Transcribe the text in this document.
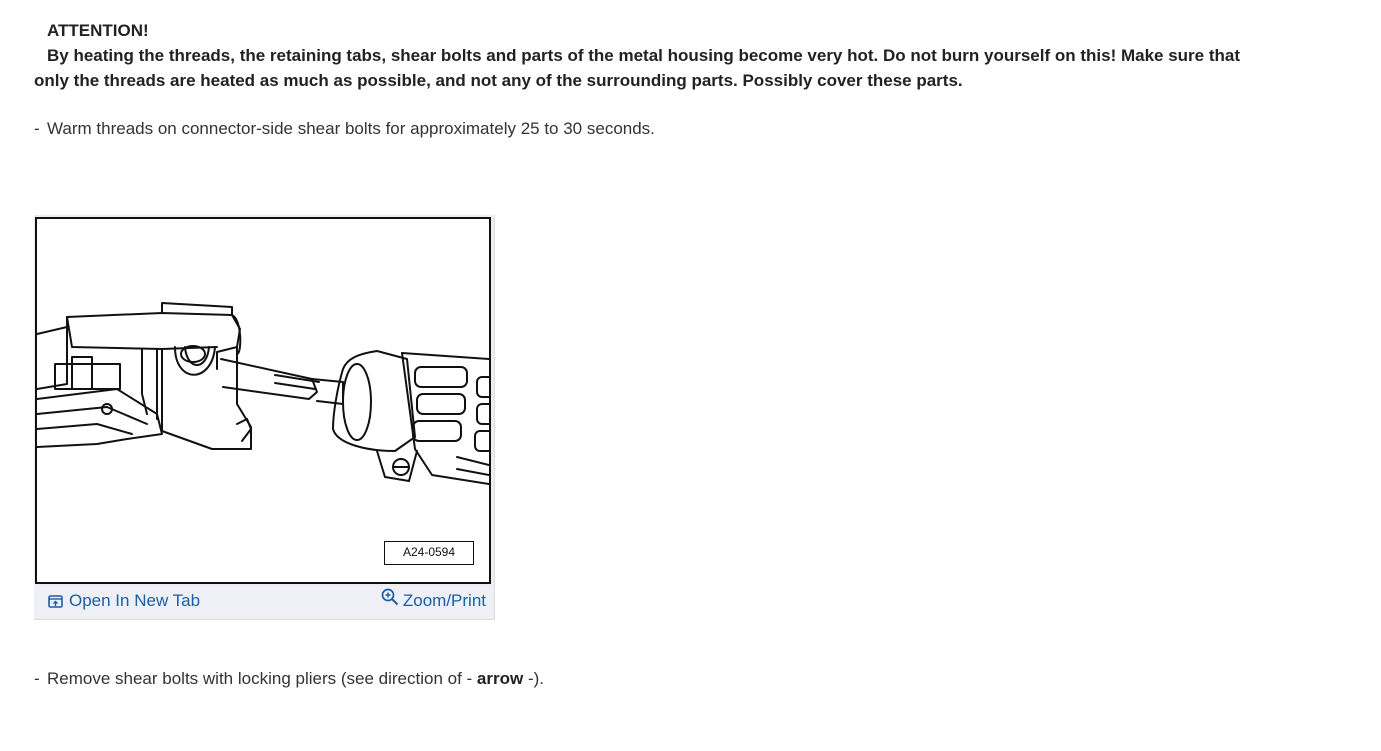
ATTENTION!
By heating the threads, the retaining tabs, shear bolts and parts of the metal housing become very hot. Do not burn yourself on this! Make sure that only the threads are heated as much as possible, and not any of the surrounding parts. Possibly cover these parts.
- Warm threads on connector-side shear bolts for approximately 25 to 30 seconds.
A24-0594
Open In New Tab	Zoom/Print
- Remove shear bolts with locking pliers (see direction of - arrow -).
